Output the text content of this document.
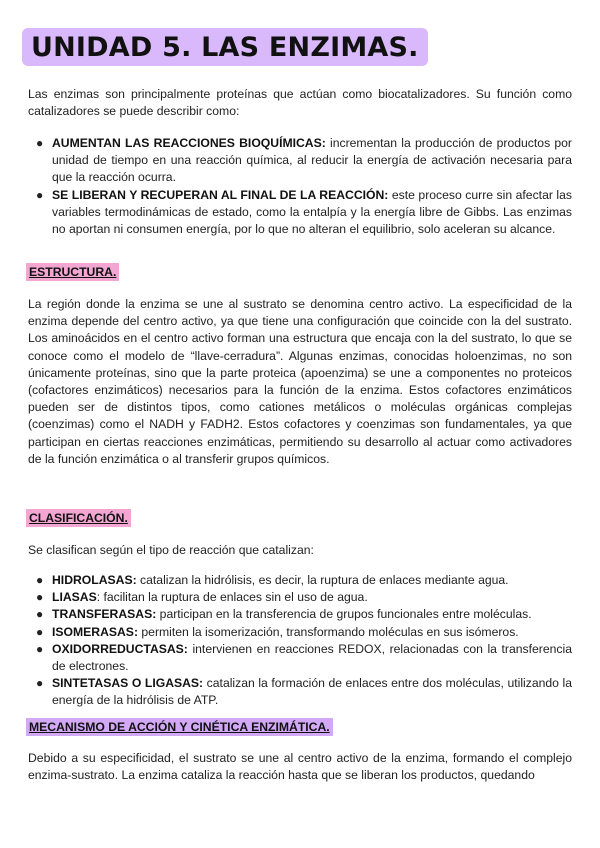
UNIDAD 5. LAS ENZIMAS.

Las enzimas son principalmente proteínas que actúan como biocatalizadores. Su función como catalizadores se puede describir como:

● AUMENTAN LAS REACCIONES BIOQUÍMICAS: incrementan la producción de productos por unidad de tiempo en una reacción química, al reducir la energía de activación necesaria para que la reacción ocurra.
● SE LIBERAN Y RECUPERAN AL FINAL DE LA REACCIÓN: este proceso curre sin afectar las variables termodinámicas de estado, como la entalpía y la energía libre de Gibbs. Las enzimas no aportan ni consumen energía, por lo que no alteran el equilibrio, solo aceleran su alcance.
ESTRUCTURA.

La región donde la enzima se une al sustrato se denomina centro activo. La especificidad de la enzima depende del centro activo, ya que tiene una configuración que coincide con la del sustrato. Los aminoácidos en el centro activo forman una estructura que encaja con la del sustrato, lo que se conoce como el modelo de “llave-cerradura”. Algunas enzimas, conocidas holoenzimas, no son únicamente proteínas, sino que la parte proteica (apoenzima) se une a componentes no proteicos (cofactores enzimáticos) necesarios para la función de la enzima. Estos cofactores enzimáticos pueden ser de distintos tipos, como cationes metálicos o moléculas orgánicas complejas (coenzimas) como el NADH y FADH2. Estos cofactores y coenzimas son fundamentales, ya que participan en ciertas reacciones enzimáticas, permitiendo su desarrollo al actuar como activadores de la función enzimática o al transferir grupos químicos.

CLASIFICACIÓN.

Se clasifican según el tipo de reacción que catalizan:

● HIDROLASAS: catalizan la hidrólisis, es decir, la ruptura de enlaces mediante agua.
● LIASAS: facilitan la ruptura de enlaces sin el uso de agua.
● TRANSFERASAS: participan en la transferencia de grupos funcionales entre moléculas.
● ISOMERASAS: permiten la isomerización, transformando moléculas en sus isómeros.
● OXIDORREDUCTASAS: intervienen en reacciones REDOX, relacionadas con la transferencia de electrones.
● SINTETASAS O LIGASAS: catalizan la formación de enlaces entre dos moléculas, utilizando la energía de la hidrólisis de ATP.
MECANISMO DE ACCIÓN Y CINÉTICA ENZIMÁTICA.

Debido a su especificidad, el sustrato se une al centro activo de la enzima, formando el complejo enzima-sustrato. La enzima cataliza la reacción hasta que se liberan los productos, quedando
